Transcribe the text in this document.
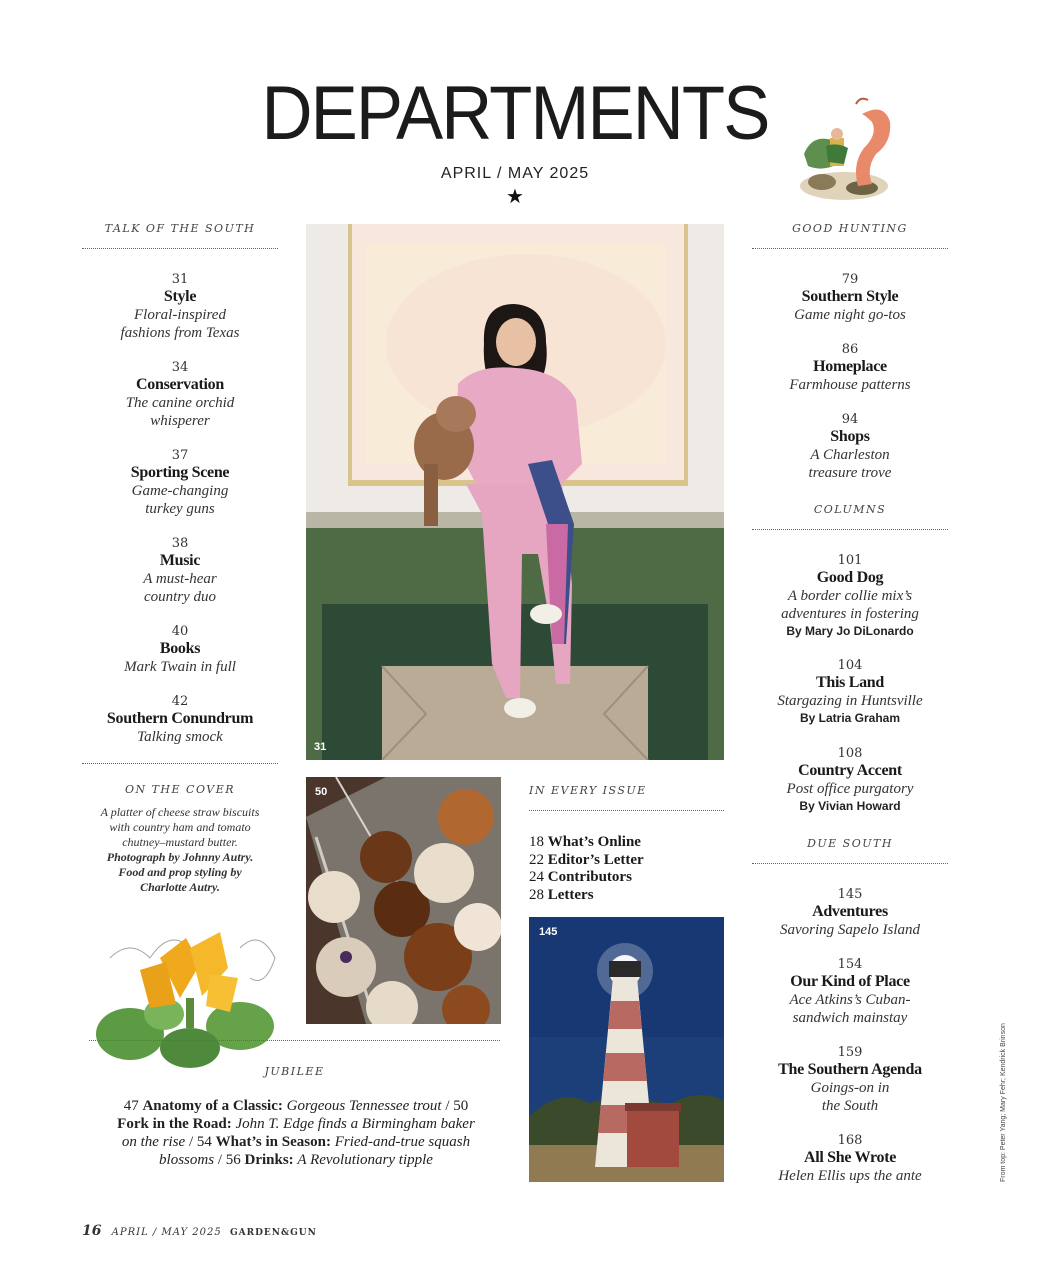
DEPARTMENTS
APRIL / MAY 2025
★
TALK OF THE SOUTH
31
Style
Floral-inspired
fashions from Texas
34
Conservation
The canine orchid
whisperer
37
Sporting Scene
Game-changing
turkey guns
38
Music
A must-hear
country duo
40
Books
Mark Twain in full
42
Southern Conundrum
Talking smock
ON THE COVER
A platter of cheese straw biscuits
with country ham and tomato
chutney–mustard butter.
Photograph by Johnny Autry.
Food and prop styling by
Charlotte Autry.
31
50	IN EVERY ISSUE
18 What’s Online
22 Editor’s Letter
24 Contributors
28 Letters
145
JUBILEE
47 Anatomy of a Classic: Gorgeous Tennessee trout / 50 Fork in the Road: John T. Edge finds a Birmingham baker on the rise / 54 What’s in Season: Fried-and-true squash blossoms / 56 Drinks: A Revolutionary tipple
GOOD HUNTING
79
Southern Style
Game night go-tos
86
Homeplace
Farmhouse patterns
94
Shops
A Charleston
treasure trove
COLUMNS
101
Good Dog
A border collie mix’s
adventures in fostering
By Mary Jo DiLonardo
104
This Land
Stargazing in Huntsville
By Latria Graham
108
Country Accent
Post office purgatory
By Vivian Howard
DUE SOUTH
145
Adventures
Savoring Sapelo Island
154
Our Kind of Place
Ace Atkins’s Cuban-
sandwich mainstay
159
The Southern Agenda
Goings-on in
the South
168
All She Wrote
Helen Ellis ups the ante	From top: Peter Yang; Mary Fehr; Kendrick Brinson
16 APRIL / MAY 2025 GARDEN&GUN
